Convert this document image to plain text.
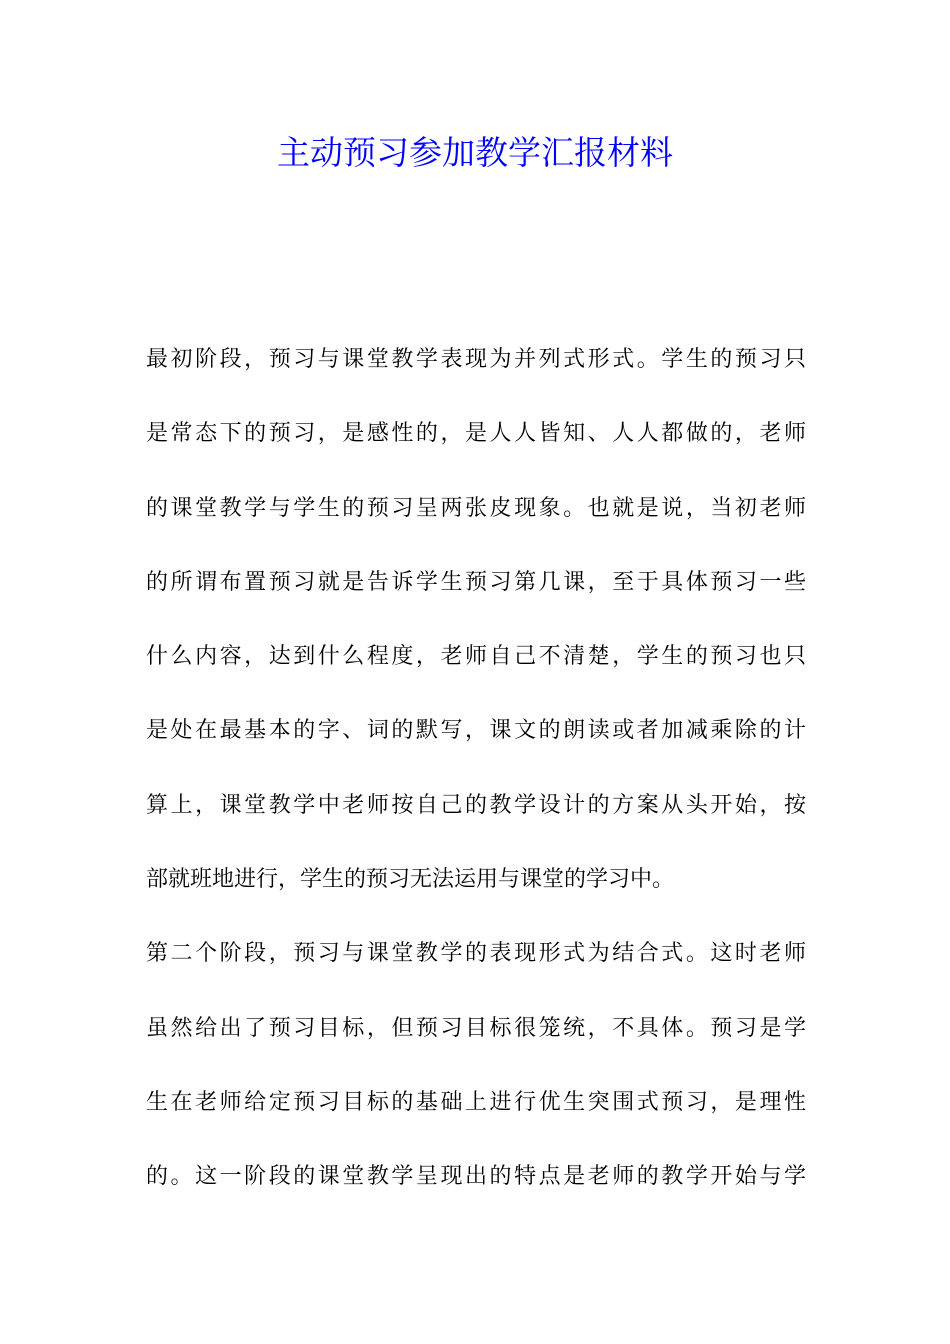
主动预习参加教学汇报材料
最初阶段，预习与课堂教学表现为并列式形式。学生的预习只
是常态下的预习，是感性的，是人人皆知、人人都做的，老师
的课堂教学与学生的预习呈两张皮现象。也就是说，当初老师
的所谓布置预习就是告诉学生预习第几课，至于具体预习一些
什么内容，达到什么程度，老师自己不清楚，学生的预习也只
是处在最基本的字、词的默写，课文的朗读或者加减乘除的计
算上，课堂教学中老师按自己的教学设计的方案从头开始，按
部就班地进行，学生的预习无法运用与课堂的学习中。
第二个阶段，预习与课堂教学的表现形式为结合式。这时老师
虽然给出了预习目标，但预习目标很笼统，不具体。预习是学
生在老师给定预习目标的基础上进行优生突围式预习，是理性
的。这一阶段的课堂教学呈现出的特点是老师的教学开始与学
